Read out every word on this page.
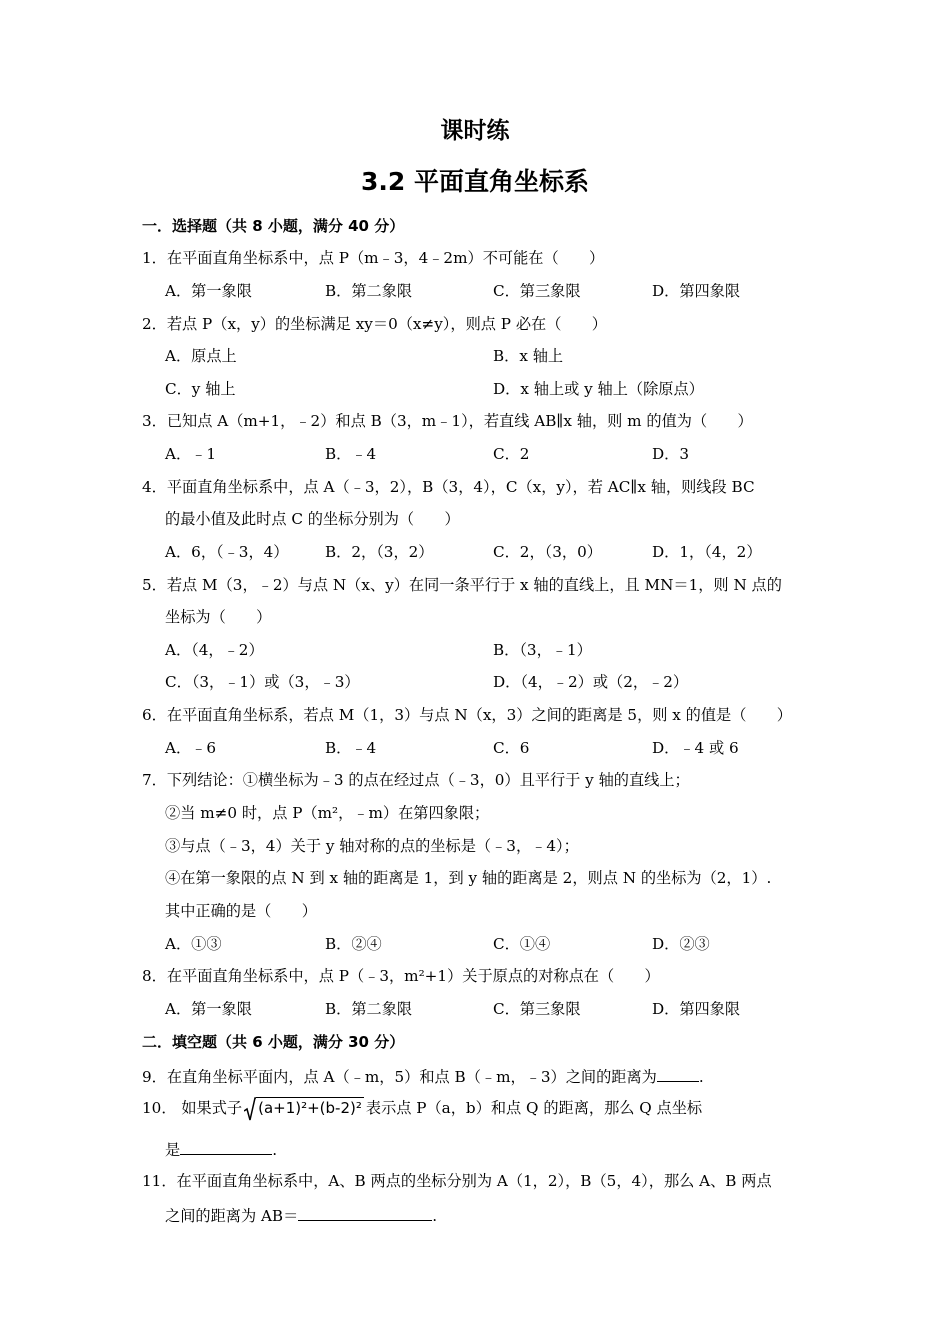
课时练
3.2 平面直角坐标系
一．选择题（共 8 小题，满分 40 分）
1．在平面直角坐标系中，点 P（m﹣3，4﹣2m）不可能在（　　）
A．第一象限	B．第二象限	C．第三象限	D．第四象限
2．若点 P（x，y）的坐标满足 xy＝0（x≠y），则点 P 必在（　　）
A．原点上	B．x 轴上
C．y 轴上	D．x 轴上或 y 轴上（除原点）
3．已知点 A（m+1，﹣2）和点 B（3，m﹣1），若直线 AB∥x 轴，则 m 的值为（　　）
A．﹣1	B．﹣4	C．2	D．3
4．平面直角坐标系中，点 A（﹣3，2），B（3，4），C（x，y），若 AC∥x 轴，则线段 BC
的最小值及此时点 C 的坐标分别为（　　）
A．6，（﹣3，4） B．2，（3，2）	C．2，（3，0）	D．1，（4，2）
5．若点 M（3，﹣2）与点 N（x、y）在同一条平行于 x 轴的直线上，且 MN＝1，则 N 点的
坐标为（　　）
A．（4，﹣2）	B．（3，﹣1）
C．（3，﹣1）或（3，﹣3）	D．（4，﹣2）或（2，﹣2）
6．在平面直角坐标系，若点 M（1，3）与点 N（x，3）之间的距离是 5，则 x 的值是（　　）
A．﹣6	B．﹣4	C．6	D．﹣4 或 6
7．下列结论：①横坐标为﹣3 的点在经过点（﹣3，0）且平行于 y 轴的直线上；
②当 m≠0 时，点 P（m²，﹣m）在第四象限；
③与点（﹣3，4）关于 y 轴对称的点的坐标是（﹣3，﹣4）；
④在第一象限的点 N 到 x 轴的距离是 1，到 y 轴的距离是 2，则点 N 的坐标为（2，1）.
其中正确的是（　　）
A．①③	B．②④	C．①④	D．②③
8．在平面直角坐标系中，点 P（﹣3，m²+1）关于原点的对称点在（　　）
A．第一象限	B．第二象限	C．第三象限	D．第四象限
二．填空题（共 6 小题，满分 30 分）
9．在直角坐标平面内，点 A（﹣m，5）和点 B（﹣m，﹣3）之间的距离为	.
10． 如果式子 (a+1)²+(b-2)² 表示点 P（a，b）和点 Q 的距离，那么 Q 点坐标
是	.
11．在平面直角坐标系中，A、B 两点的坐标分别为 A（1，2），B（5，4），那么 A、B 两点
之间的距离为 AB＝	.
